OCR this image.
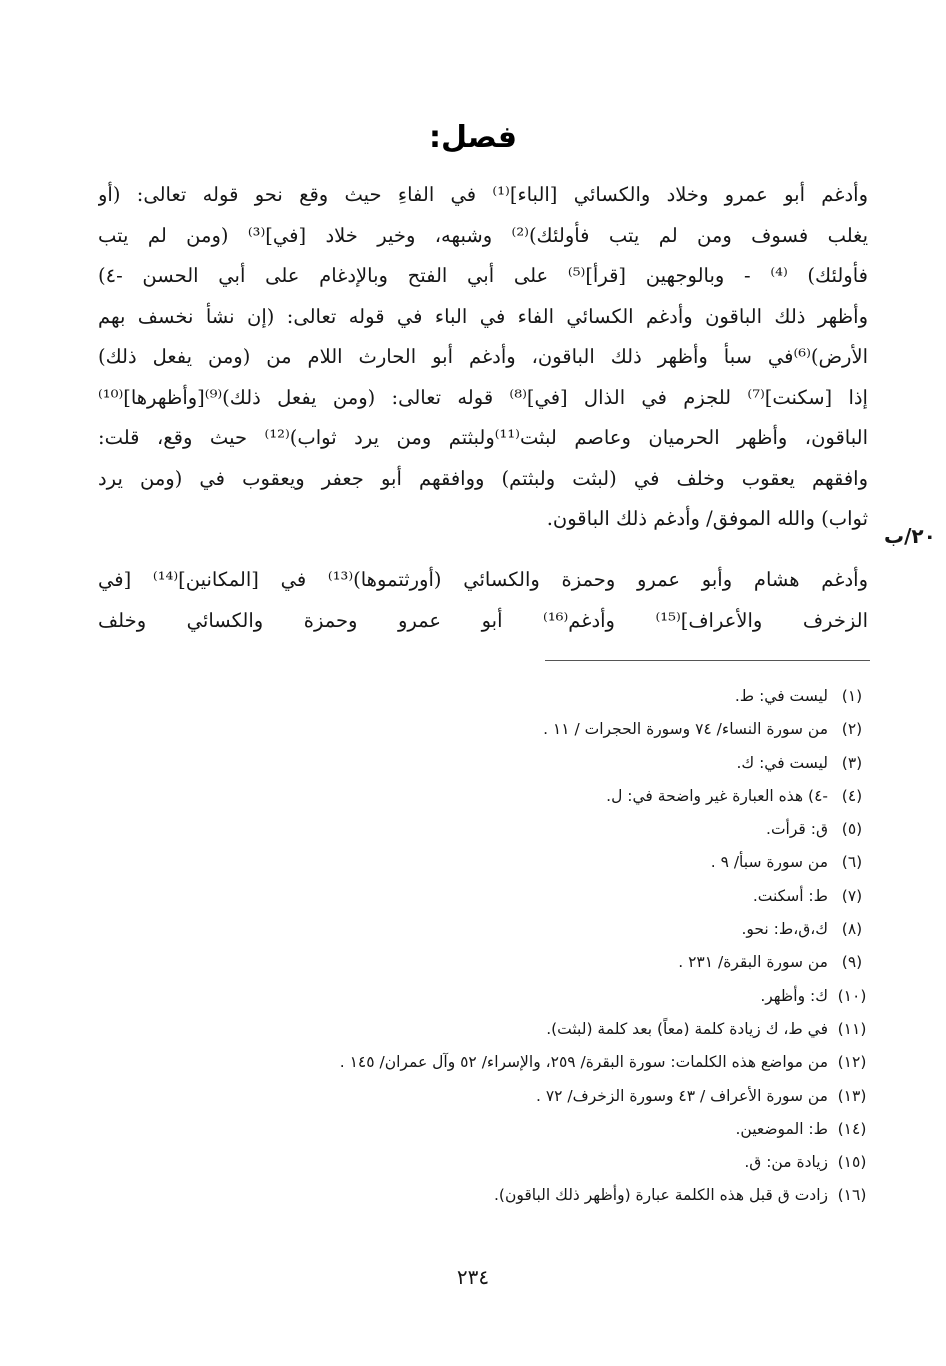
فصل:
وأدغم أبو عمرو وخلاد والكسائي [الباء]⁽¹⁾ في الفاءِ حيث وقع نحو قوله تعالى: (أو
يغلب فسوف ومن لم يتب فأولئك)⁽²⁾ وشبهه، وخير خلاد [في]⁽³⁾ (ومن لم يتب
فأولئك) ⁽⁴⁾ - وبالوجهين [قرأ]⁽⁵⁾ على أبي الفتح وبالإدغام على أبي الحسن -٤)
وأظهر ذلك الباقون وأدغم الكسائي الفاء في الباء في قوله تعالى: (إن نشأ نخسف بهم
الأرض)⁽⁶⁾في سبأ وأظهر ذلك الباقون، وأدغم أبو الحارث اللام من (ومن يفعل ذلك)
إذا [سكنت]⁽⁷⁾ للجزم في الذال [في]⁽⁸⁾ قوله تعالى: (ومن يفعل ذلك)⁽⁹⁾[وأظهرها]⁽¹⁰⁾
الباقون، وأظهر الحرميان وعاصم لبثت⁽¹¹⁾ولبثتم ومن يرد ثواب)⁽¹²⁾ حيث وقع، قلت:
وافقهم يعقوب وخلف في (لبثت ولبثتم) ووافقهم أبو جعفر ويعقوب في (ومن يرد
ثواب) والله الموفق/ وأدغم ذلك الباقون.
٢٠/ب
وأدغم هشام وأبو عمرو وحمزة والكسائي (أورثتموها)⁽¹³⁾ في [المكانين]⁽¹⁴⁾ [في
الزخرف والأعراف]⁽¹⁵⁾ وأدغم⁽¹⁶⁾ أبو عمرو وحمزة والكسائي وخلف
(١)ليست في: ط.
(٢)من سورة النساء/ ٧٤ وسورة الحجرات / ١١ .
(٣)ليست في: ك.
(٤)-٤) هذه العبارة غير واضحة في: ل.
(٥)ق: قرأت.
(٦)من سورة سبأ/ ٩ .
(٧)ط: أسكنت.
(٨)ك،ق،ط: نحو.
(٩)من سورة البقرة/ ٢٣١ .
(١٠)ك: وأظهر.
(١١)في ط، ك زيادة كلمة (معاً) بعد كلمة (لبثت).
(١٢)من مواضع هذه الكلمات: سورة البقرة/ ٢٥٩، والإسراء/ ٥٢ وآل عمران/ ١٤٥ .
(١٣)من سورة الأعراف / ٤٣ وسورة الزخرف/ ٧٢ .
(١٤)ط: الموضعين.
(١٥)زيادة من: ق.
(١٦)زادت ق قبل هذه الكلمة عبارة (وأظهر ذلك الباقون).
٢٣٤
